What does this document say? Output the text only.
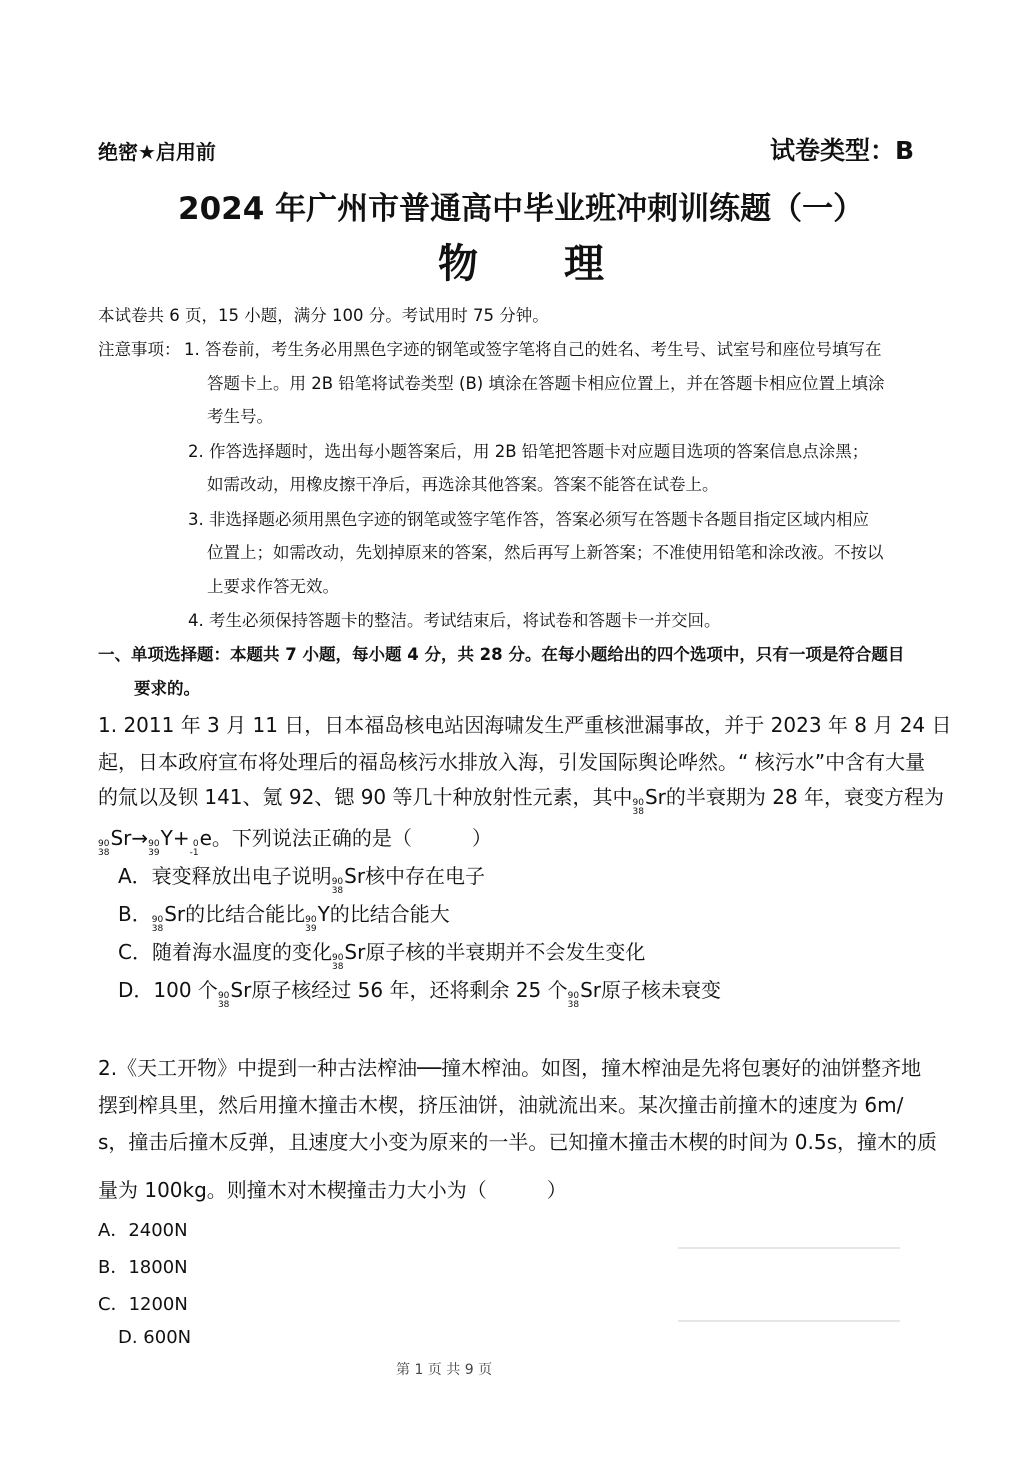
绝密★启用前	试卷类型：B
2024 年广州市普通高中毕业班冲刺训练题（一）
物　　理
本试卷共 6 页，15 小题，满分 100 分。考试用时 75 分钟。
注意事项： 1. 答卷前，考生务必用黑色字迹的钢笔或签字笔将自己的姓名、考生号、试室号和座位号填写在
答题卡上。用 2B 铅笔将试卷类型 (B) 填涂在答题卡相应位置上，并在答题卡相应位置上填涂
考生号。
2. 作答选择题时，选出每小题答案后，用 2B 铅笔把答题卡对应题目选项的答案信息点涂黑；
如需改动，用橡皮擦干净后，再选涂其他答案。答案不能答在试卷上。
3. 非选择题必须用黑色字迹的钢笔或签字笔作答，答案必须写在答题卡各题目指定区域内相应
位置上；如需改动，先划掉原来的答案，然后再写上新答案；不准使用铅笔和涂改液。不按以
上要求作答无效。
4. 考生必须保持答题卡的整洁。考试结束后，将试卷和答题卡一并交回。
一、单项选择题：本题共 7 小题，每小题 4 分，共 28 分。在每小题给出的四个选项中，只有一项是符合题目
要求的。
1. 2011 年 3 月 11 日，日本福岛核电站因海啸发生严重核泄漏事故，并于 2023 年 8 月 24 日
起，日本政府宣布将处理后的福岛核污水排放入海，引发国际舆论哗然。“ 核污水”中含有大量
的氚以及钡 141、氪 92、锶 90 等几十种放射性元素，其中 90
38
Sr的半衰期为 28 年，衰变方程为
90
38
Sr→ 90
39
Y+ 0
-1
e。下列说法正确的是（　　　）
A．衰变释放出电子说明 90
38
Sr核中存在电子
B． 90
38
Sr的比结合能比 90
39
Y的比结合能大
C．随着海水温度的变化 90
38
Sr原子核的半衰期并不会发生变化
D．100 个 90
38
Sr原子核经过 56 年，还将剩余 25 个 90
38
Sr原子核未衰变
2.《天工开物》中提到一种古法榨油──撞木榨油。如图，撞木榨油是先将包裹好的油饼整齐地
摆到榨具里，然后用撞木撞击木楔，挤压油饼，油就流出来。某次撞击前撞木的速度为 6m/
s，撞击后撞木反弹，且速度大小变为原来的一半。已知撞木撞击木楔的时间为 0.5s，撞木的质
量为 100kg。则撞木对木楔撞击力大小为（　　　）
A．2400N
B．1800N
C．1200N
D. 600N
第 1 页 共 9 页
